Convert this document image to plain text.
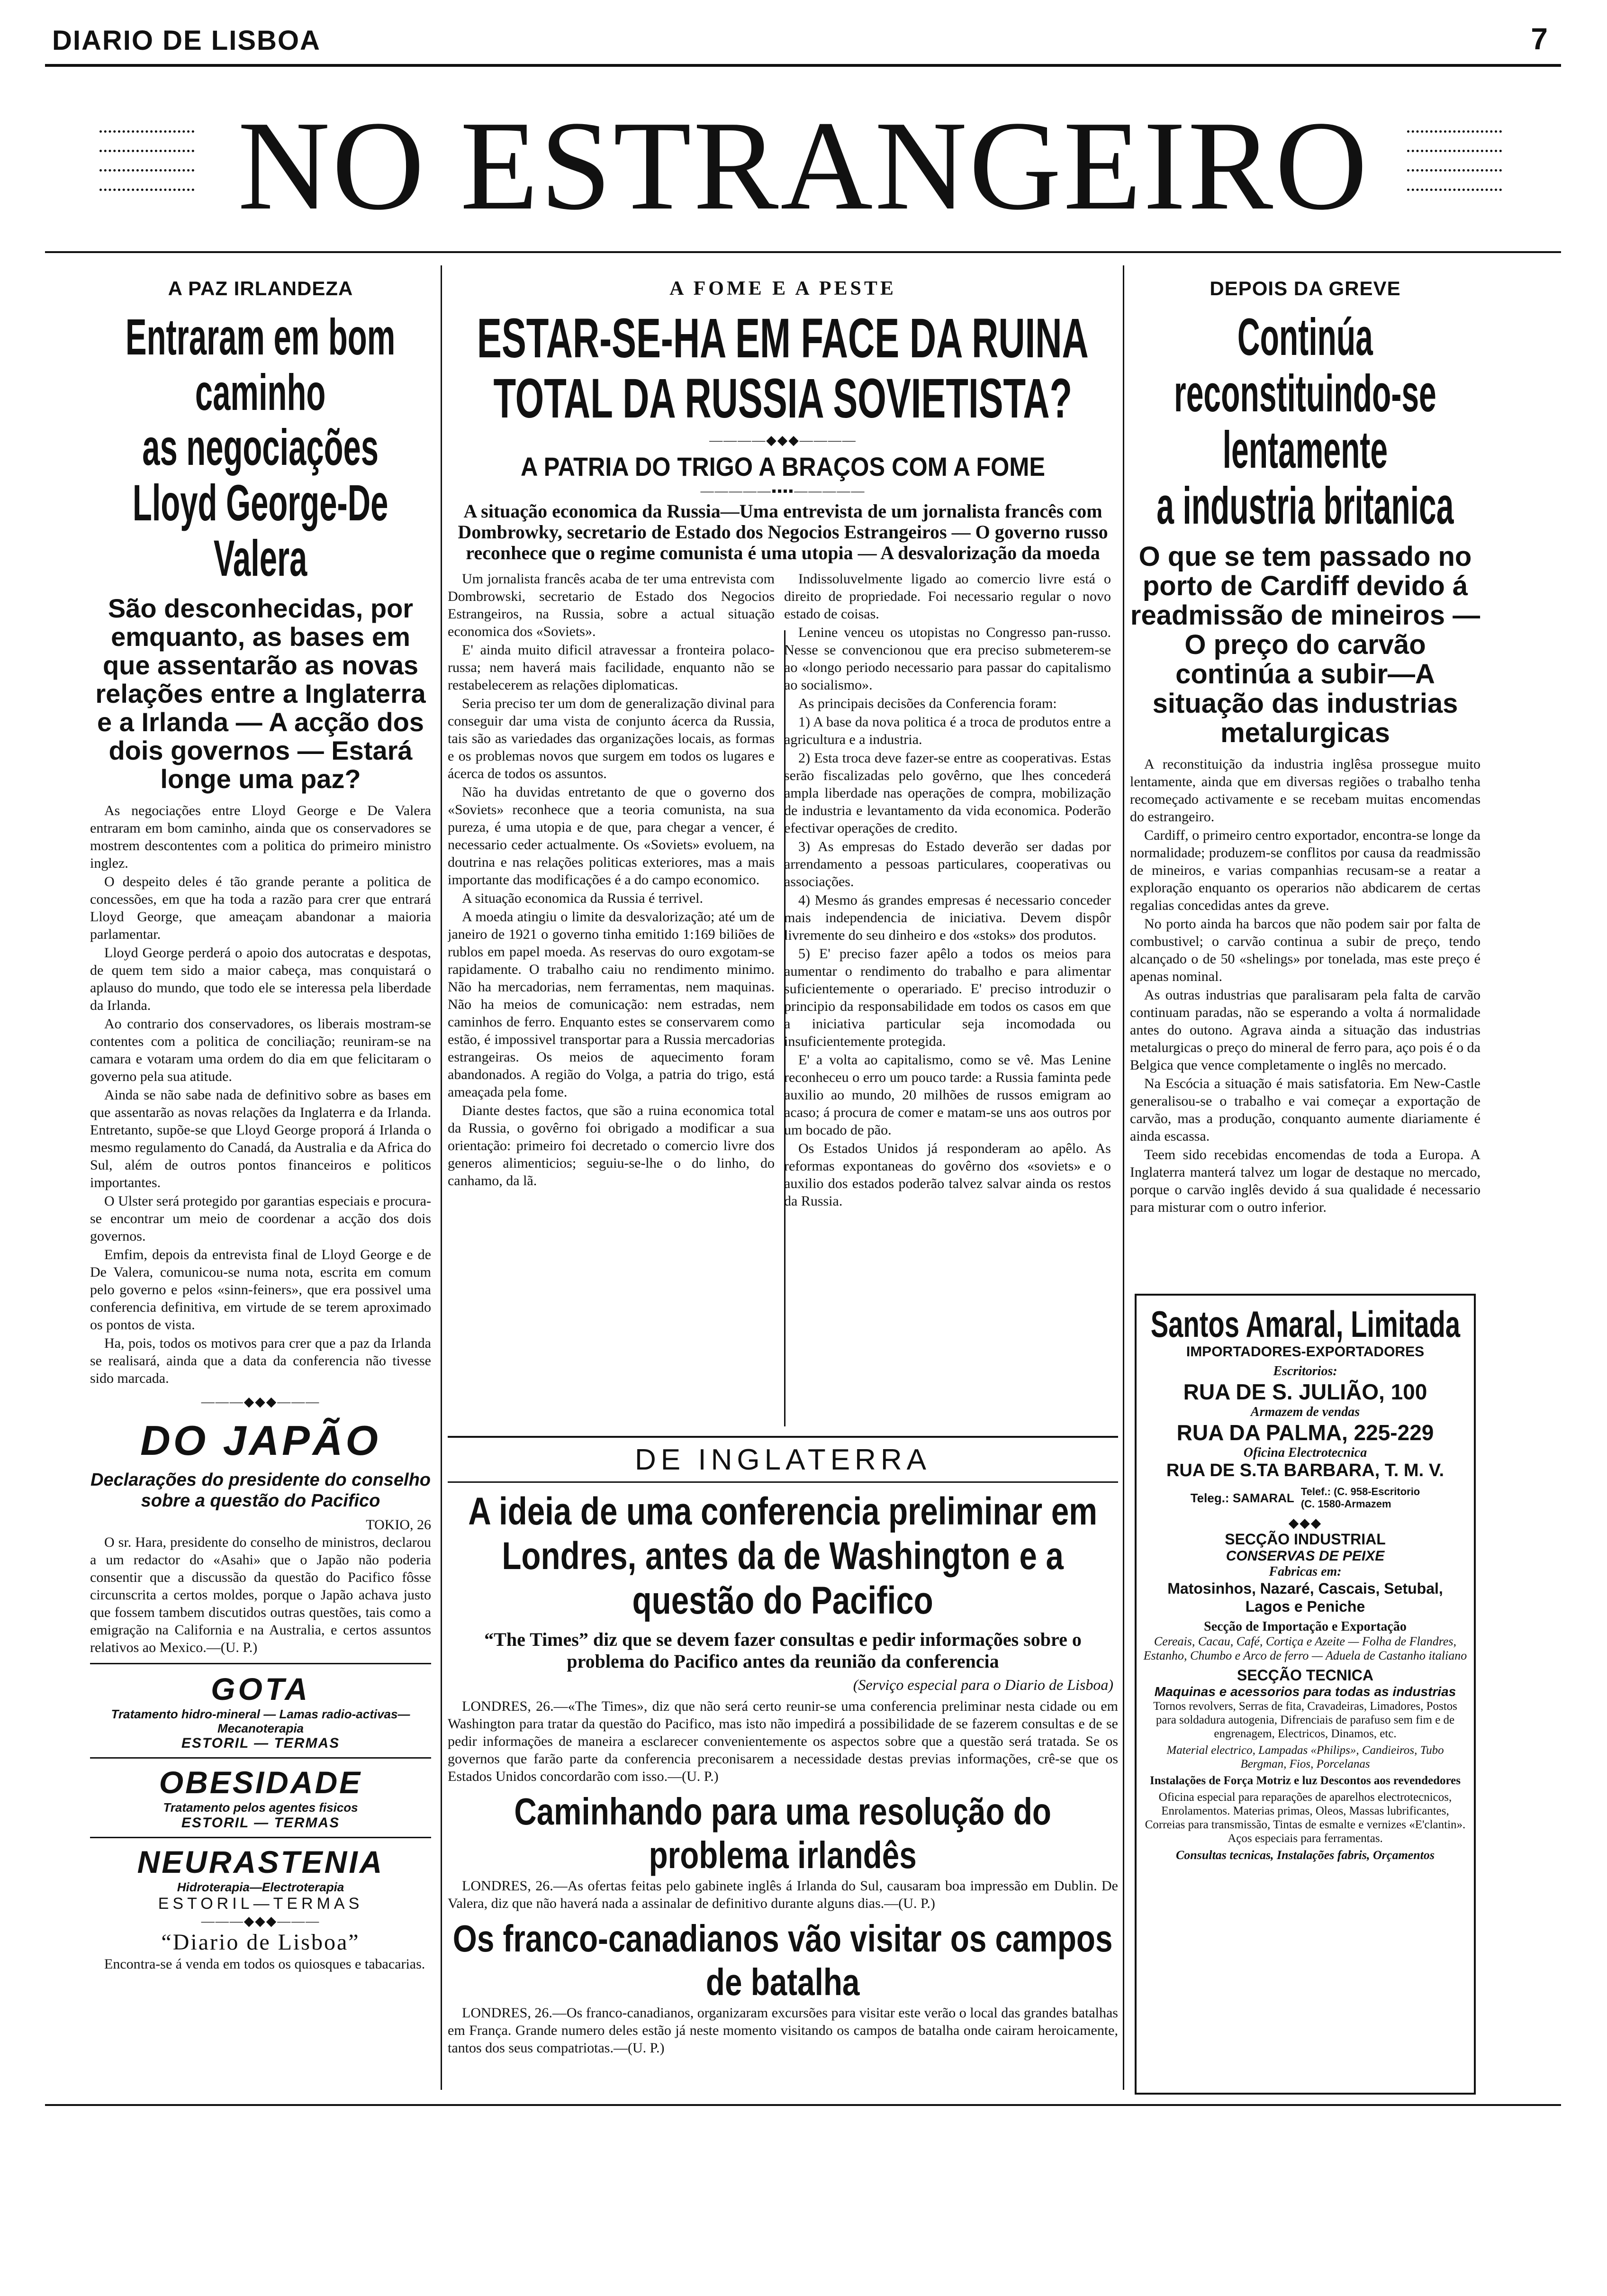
DIARIO DE LISBOA	7
NO ESTRANGEIRO
A PAZ IRLANDEZA
Entraram em bom caminho
as negociações
Lloyd George-De Valera
São desconhecidas, por emquanto, as bases em que assentarão as novas relações entre a Inglaterra e a Irlanda — A acção dos dois governos — Estará longe uma paz?

As negociações entre Lloyd George e De Valera entraram em bom caminho, ainda que os conservadores se mostrem descontentes com a politica do primeiro ministro inglez.

O despeito deles é tão grande perante a politica de concessões, em que ha toda a razão para crer que entrará Lloyd George, que ameaçam abandonar a maioria parlamentar.

Lloyd George perderá o apoio dos autocratas e despotas, de quem tem sido a maior cabeça, mas conquistará o aplauso do mundo, que todo ele se interessa pela liberdade da Irlanda.

Ao contrario dos conservadores, os liberais mostram-se contentes com a politica de conciliação; reuniram-se na camara e votaram uma ordem do dia em que felicitaram o governo pela sua atitude.

Ainda se não sabe nada de definitivo sobre as bases em que assentarão as novas relações da Inglaterra e da Irlanda. Entretanto, supõe-se que Lloyd George proporá á Irlanda o mesmo regulamento do Canadá, da Australia e da Africa do Sul, além de outros pontos financeiros e politicos importantes.

O Ulster será protegido por garantias especiais e procura-se encontrar um meio de coordenar a acção dos dois governos.

Emfim, depois da entrevista final de Lloyd George e de De Valera, comunicou-se numa nota, escrita em comum pelo governo e pelos «sinn-feiners», que era possivel uma conferencia definitiva, em virtude de se terem aproximado os pontos de vista.

Ha, pois, todos os motivos para crer que a paz da Irlanda se realisará, ainda que a data da conferencia não tivesse sido marcada.

———◆◆◆———
DO JAPÃO
Declarações do presidente do conselho sobre a questão do Pacifico
TOKIO, 26

O sr. Hara, presidente do conselho de ministros, declarou a um redactor do «Asahi» que o Japão não poderia consentir que a discussão da questão do Pacifico fôsse circunscrita a certos moldes, porque o Japão achava justo que fossem tambem discutidos outras questões, tais como a emigração na California e na Australia, e certos assuntos relativos ao Mexico.—(U. P.)

GOTA
Tratamento hidro-mineral — Lamas radio-activas—Mecanoterapia
ESTORIL — TERMAS
OBESIDADE
Tratamento pelos agentes fisicos
ESTORIL — TERMAS
NEURASTENIA
Hidroterapia—Electroterapia
ESTORIL—TERMAS
———◆◆◆———
“Diario de Lisboa”

Encontra-se á venda em todos os quiosques e tabacarias.

A FOME E A PESTE
ESTAR-SE-HA EM FACE DA RUINA
TOTAL DA RUSSIA SOVIETISTA?
————◆◆◆————
A PATRIA DO TRIGO A BRAÇOS COM A FOME
—————▪▪▪▪—————
A situação economica da Russia—Uma entrevista de um jornalista francês com Dombrowky, secretario de Estado dos Negocios Estrangeiros — O governo russo reconhece que o regime comunista é uma utopia — A desvalorização da moeda

Um jornalista francês acaba de ter uma entrevista com Dombrowski, secretario de Estado dos Negocios Estrangeiros, na Russia, sobre a actual situação economica dos «Soviets».

E' ainda muito dificil atravessar a fronteira polaco-russa; nem haverá mais facilidade, enquanto não se restabelecerem as relações diplomaticas.

Seria preciso ter um dom de generalização divinal para conseguir dar uma vista de conjunto ácerca da Russia, tais são as variedades das organizações locais, as formas e os problemas novos que surgem em todos os lugares e ácerca de todos os assuntos.

Não ha duvidas entretanto de que o governo dos «Soviets» reconhece que a teoria comunista, na sua pureza, é uma utopia e de que, para chegar a vencer, é necessario ceder actualmente. Os «Soviets» evoluem, na doutrina e nas relações politicas exteriores, mas a mais importante das modificações é a do campo economico.

A situação economica da Russia é terrivel.

A moeda atingiu o limite da desvalorização; até um de janeiro de 1921 o governo tinha emitido 1:169 biliões de rublos em papel moeda. As reservas do ouro exgotam-se rapidamente. O trabalho caiu no rendimento minimo. Não ha mercadorias, nem ferramentas, nem maquinas. Não ha meios de comunicação: nem estradas, nem caminhos de ferro. Enquanto estes se conservarem como estão, é impossivel transportar para a Russia mercadorias estrangeiras. Os meios de aquecimento foram abandonados. A região do Volga, a patria do trigo, está ameaçada pela fome.

Diante destes factos, que são a ruina economica total da Russia, o govêrno foi obrigado a modificar a sua orientação: primeiro foi decretado o comercio livre dos generos alimenticios; seguiu-se-lhe o do linho, do canhamo, da lã.

Indissoluvelmente ligado ao comercio livre está o direito de propriedade. Foi necessario regular o novo estado de coisas.

Lenine venceu os utopistas no Congresso pan-russo. Nesse se convencionou que era preciso submeterem-se ao «longo periodo necessario para passar do capitalismo ao socialismo».

As principais decisões da Conferencia foram:

1) A base da nova politica é a troca de produtos entre a agricultura e a industria.

2) Esta troca deve fazer-se entre as cooperativas. Estas serão fiscalizadas pelo govêrno, que lhes concederá ampla liberdade nas operações de compra, mobilização de industria e levantamento da vida economica. Poderão efectivar operações de credito.

3) As empresas do Estado deverão ser dadas por arrendamento a pessoas particulares, cooperativas ou associações.

4) Mesmo ás grandes empresas é necessario conceder mais independencia de iniciativa. Devem dispôr livremente do seu dinheiro e dos «stoks» dos produtos.

5) E' preciso fazer apêlo a todos os meios para aumentar o rendimento do trabalho e para alimentar suficientemente o operariado. E' preciso introduzir o principio da responsabilidade em todos os casos em que a iniciativa particular seja incomodada ou insuficientemente protegida.

E' a volta ao capitalismo, como se vê. Mas Lenine reconheceu o erro um pouco tarde: a Russia faminta pede auxilio ao mundo, 20 milhões de russos emigram ao acaso; á procura de comer e matam-se uns aos outros por um bocado de pão.

Os Estados Unidos já responderam ao apêlo. As reformas expontaneas do govêrno dos «soviets» e o auxilio dos estados poderão talvez salvar ainda os restos da Russia.

DE INGLATERRA
A ideia de uma conferencia preliminar em Londres, antes da de Washington e a questão do Pacifico
“The Times” diz que se devem fazer consultas e pedir informações sobre o problema do Pacifico antes da reunião da conferencia
(Serviço especial para o Diario de Lisboa)

LONDRES, 26.—«The Times», diz que não será certo reunir-se uma conferencia preliminar nesta cidade ou em Washington para tratar da questão do Pacifico, mas isto não impedirá a possibilidade de se fazerem consultas e de se pedir informações de maneira a esclarecer convenientemente os aspectos sobre que a questão será tratada. Se os governos que farão parte da conferencia preconisarem a necessidade destas previas informações, crê-se que os Estados Unidos concordarão com isso.—(U. P.)

Caminhando para uma resolução do problema irlandês

LONDRES, 26.—As ofertas feitas pelo gabinete inglês á Irlanda do Sul, causaram boa impressão em Dublin. De Valera, diz que não haverá nada a assinalar de definitivo durante alguns dias.—(U. P.)

Os franco-canadianos vão visitar os campos de batalha

LONDRES, 26.—Os franco-canadianos, organizaram excursões para visitar este verão o local das grandes batalhas em França. Grande numero deles estão já neste momento visitando os campos de batalha onde cairam heroicamente, tantos dos seus compatriotas.—(U. P.)

DEPOIS DA GREVE
Continúa reconstituindo-se
lentamente
a industria britanica
O que se tem passado no porto de Cardiff devido á readmissão de mineiros — O preço do carvão continúa a subir—A situação das industrias metalurgicas

A reconstituição da industria inglêsa prossegue muito lentamente, ainda que em diversas regiões o trabalho tenha recomeçado activamente e se recebam muitas encomendas do estrangeiro.

Cardiff, o primeiro centro exportador, encontra-se longe da normalidade; produzem-se conflitos por causa da readmissão de mineiros, e varias companhias recusam-se a reatar a exploração enquanto os operarios não abdicarem de certas regalias concedidas antes da greve.

No porto ainda ha barcos que não podem sair por falta de combustivel; o carvão continua a subir de preço, tendo alcançado o de 50 «shelings» por tonelada, mas este preço é apenas nominal.

As outras industrias que paralisaram pela falta de carvão continuam paradas, não se esperando a volta á normalidade antes do outono. Agrava ainda a situação das industrias metalurgicas o preço do mineral de ferro para, aço pois é o da Belgica que vence completamente o inglês no mercado.

Na Escócia a situação é mais satisfatoria. Em New-Castle generalisou-se o trabalho e vai começar a exportação de carvão, mas a produção, conquanto aumente diariamente é ainda escassa.

Teem sido recebidas encomendas de toda a Europa. A Inglaterra manterá talvez um logar de destaque no mercado, porque o carvão inglês devido á sua qualidade é necessario para misturar com o outro inferior.

Santos Amaral, Limitada
IMPORTADORES-EXPORTADORES
Escritorios:
RUA DE S. JULIÃO, 100
Armazem de vendas
RUA DA PALMA, 225-229
Oficina Electrotecnica
RUA DE S.TA BARBARA, T. M. V.
Teleg.: SAMARAL Telef.: (C. 958-Escritorio
(C. 1580-Armazem
◆◆◆
SECÇÃO INDUSTRIAL
CONSERVAS DE PEIXE
Fabricas em:
Matosinhos, Nazaré, Cascais, Setubal, Lagos e Peniche
Secção de Importação e Exportação
Cereais, Cacau, Café, Cortiça e Azeite — Folha de Flandres, Estanho, Chumbo e Arco de ferro — Aduela de Castanho italiano
SECÇÃO TECNICA
Maquinas e acessorios para todas as industrias
Tornos revolvers, Serras de fita, Cravadeiras, Limadores, Postos para soldadura autogenia, Difrenciais de parafuso sem fim e de engrenagem, Electricos, Dinamos, etc.
Material electrico, Lampadas «Philips», Candieiros, Tubo Bergman, Fios, Porcelanas
Instalações de Força Motriz e luz Descontos aos revendedores
Oficina especial para reparações de aparelhos electrotecnicos, Enrolamentos. Materias primas, Oleos, Massas lubrificantes, Correias para transmissão, Tintas de esmalte e vernizes «E'clantin». Aços especiais para ferramentas.
Consultas tecnicas, Instalações fabris, Orçamentos
